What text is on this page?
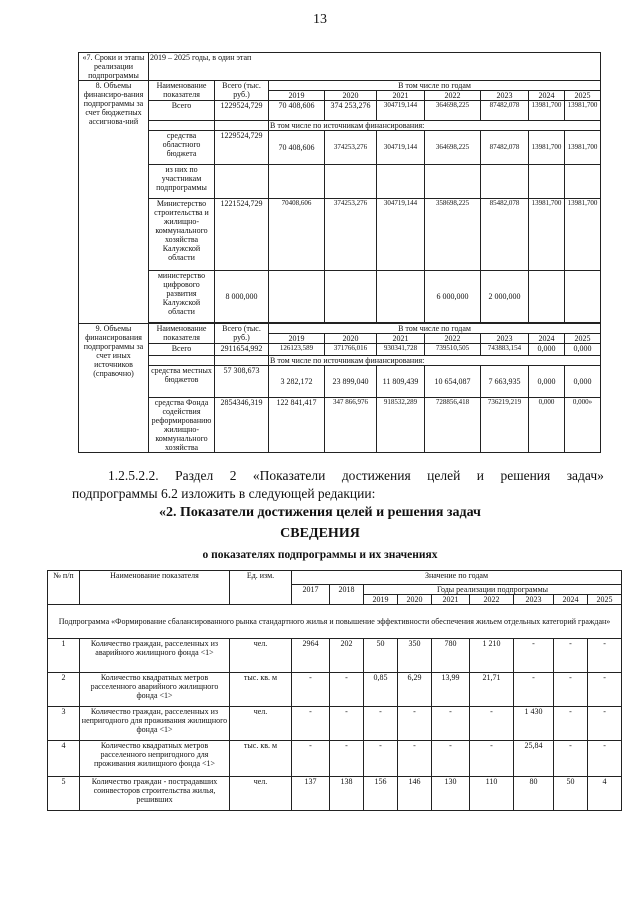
13
«7. Сроки и этапы реализации подпрограммы	2019 – 2025 годы, в один этап								
8. Объемы финансиро-вания подпрограммы за счет бюджетных ассигнова-ний	Наименование показателя	Всего (тыс. руб.)	В том числе по годам						
			2019	2020	2021	2022	2023	2024	2025
	Всего	1229524,729	70 408,606	374 253,276	304719,144	364698,225	87482,078	13981,700	13981,700
			В том числе по источникам финансирования:						
	средства областного бюджета	1229524,729	70 408,606	374253,276	304719,144	364698,225	87482,078	13981,700	13981,700
	из них по участникам подпрограммы								
	Министерство строительства и жилищно-коммунального хозяйства Калужской области	1221524,729	70408,606	374253,276	304719,144	358698,225	85482,078	13981,700	13981,700
	министерство цифрового развития Калужской области	8 000,000				6 000,000	2 000,000		

9. Объемы финансирования подпрограммы за счет иных источников (справочно)	Наименование показателя	Всего (тыс. руб.)	В том числе по годам						
			2019	2020	2021	2022	2023	2024	2025
	Всего	2911654,992	126123,589	371766,016	930341,728	739510,505	743883,154	0,000	0,000
			В том числе по источникам финансирования:						
	средства местных бюджетов	57 308,673	3 282,172	23 899,040	11 809,439	10 654,087	7 663,935	0,000	0,000
	средства Фонда содействия реформированию жилищно-коммунального хозяйства	2854346,319	122 841,417	347 866,976	918532,289	728856,418	736219,219	0,000	0,000»
1.2.5.2.2. Раздел 2 «Показатели достижения целей и решения задач»
подпрограммы 6.2 изложить в следующей редакции:
«2. Показатели достижения целей и решения задач
СВЕДЕНИЯ
о показателях подпрограммы и их значениях
№ п/п	Наименование показателя	Ед. изм.	Значение по годам								
			2017	2018	Годы реализации подпрограммы						
					2019	2020	2021	2022	2023	2024	2025
Подпрограмма «Формирование сбалансированного рынка стандартного жилья и повышение эффективности обеспечения жильем отдельных категорий граждан»											
1	Количество граждан, расселенных из аварийного жилищного фонда <1>	чел.	2964	202	50	350	780	1 210	-	-	-
2	Количество квадратных метров расселенного аварийного жилищного фонда <1>	тыс. кв. м	-	-	0,85	6,29	13,99	21,71	-	-	-
3	Количество граждан, расселенных из непригодного для проживания жилищного фонда <1>	чел.	-	-	-	-	-	-	1 430	-	-
4	Количество квадратных метров расселенного непригодного для проживания жилищного фонда <1>	тыс. кв. м	-	-	-	-	-	-	25,84	-	-
5	Количество граждан - пострадавших соинвесторов строительства жилья, решивших	чел.	137	138	156	146	130	110	80	50	4
